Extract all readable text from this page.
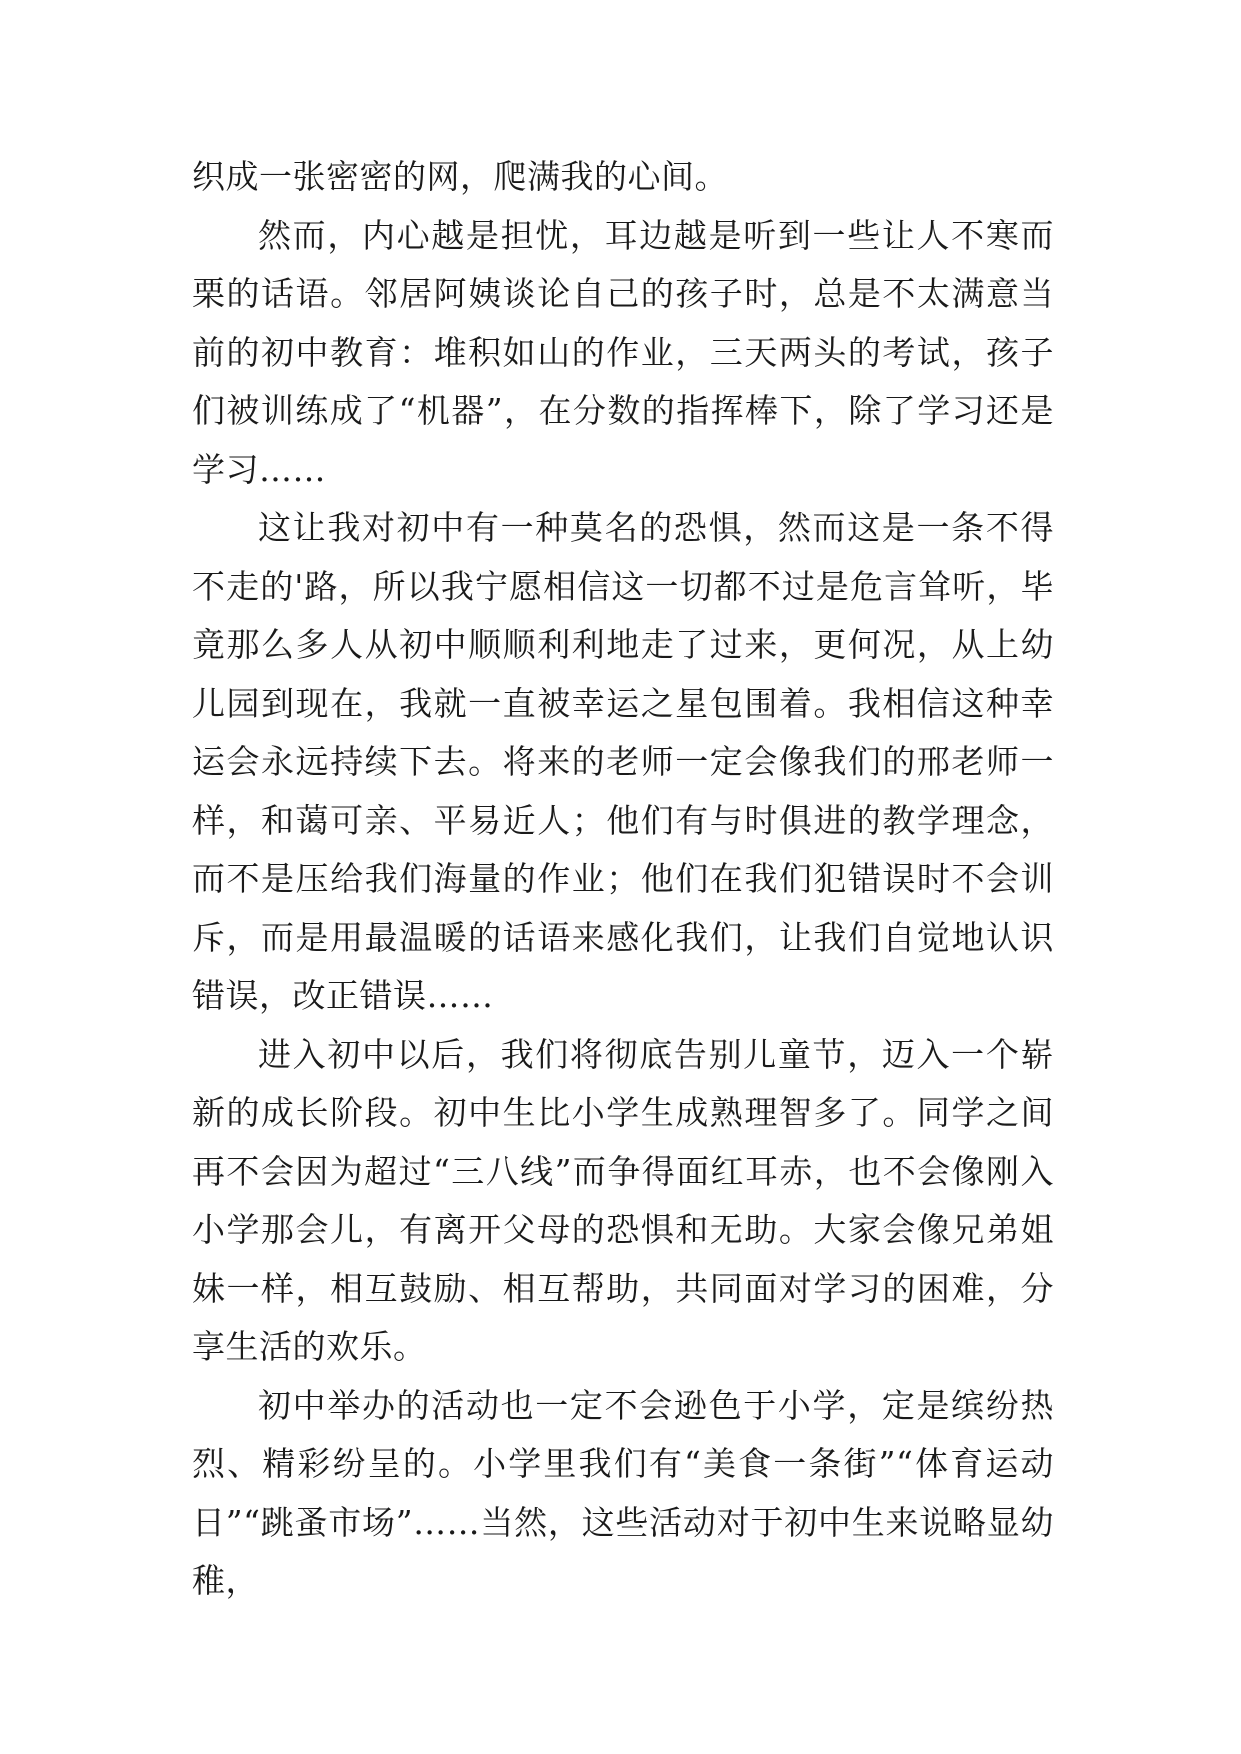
织成一张密密的网，爬满我的心间。

然而，内心越是担忧，耳边越是听到一些让人不寒而栗的话语。邻居阿姨谈论自己的孩子时，总是不太满意当前的初中教育：堆积如山的作业，三天两头的考试，孩子们被训练成了“机器”，在分数的指挥棒下，除了学习还是学习……

这让我对初中有一种莫名的恐惧，然而这是一条不得不走的'路，所以我宁愿相信这一切都不过是危言耸听，毕竟那么多人从初中顺顺利利地走了过来，更何况，从上幼儿园到现在，我就一直被幸运之星包围着。我相信这种幸运会永远持续下去。将来的老师一定会像我们的邢老师一样，和蔼可亲、平易近人；他们有与时俱进的教学理念，而不是压给我们海量的作业；他们在我们犯错误时不会训斥，而是用最温暖的话语来感化我们，让我们自觉地认识错误，改正错误……

进入初中以后，我们将彻底告别儿童节，迈入一个崭新的成长阶段。初中生比小学生成熟理智多了。同学之间再不会因为超过“三八线”而争得面红耳赤，也不会像刚入小学那会儿，有离开父母的恐惧和无助。大家会像兄弟姐妹一样，相互鼓励、相互帮助，共同面对学习的困难，分享生活的欢乐。

初中举办的活动也一定不会逊色于小学，定是缤纷热烈、精彩纷呈的。小学里我们有“美食一条街”“体育运动日”“跳蚤市场”……当然，这些活动对于初中生来说略显幼稚，
